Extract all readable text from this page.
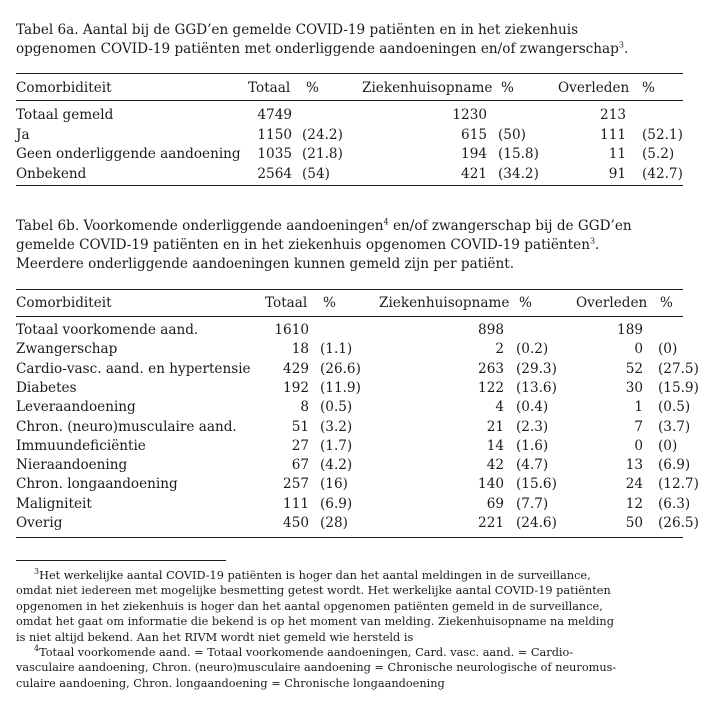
Tabel 6a. Aantal bij de GGD’en gemelde COVID-19 patiënten en in het ziekenhuis

opgenomen COVID-19 patiënten met onderliggende aandoeningen en/of zwangerschap$^3$.

Comorbiditeit	Totaal %	Ziekenhuisopname %	Overleden %
Totaal gemeld	4749	1230	213
Ja	1150 (24.2)	615 (50)	111 (52.1)
Geen onderliggende aandoening 1035 (21.8)	194 (15.8)	11 (5.2)
Onbekend	2564 (54)	421 (34.2)	91 (42.7)

Tabel 6b. Voorkomende onderliggende aandoeningen$^4$ en/of zwangerschap bij de GGD’en

gemelde COVID-19 patiënten en in het ziekenhuis opgenomen COVID-19 patiënten$^3$.

Meerdere onderliggende aandoeningen kunnen gemeld zijn per patiënt.

Comorbiditeit	Totaal %	Ziekenhuisopname %	Overleden %
Totaal voorkomende aand.	1610	898	189
Zwangerschap	18 (1.1)	2 (0.2)	0 (0)
Cardio-vasc. aand. en hypertensie 429 (26.6)	263 (29.3)	52 (27.5)
Diabetes	192 (11.9)	122 (13.6)	30 (15.9)
Leveraandoening	8 (0.5)	4 (0.4)	1 (0.5)
Chron. (neuro)musculaire aand.	51 (3.2)	21 (2.3)	7 (3.7)
Immuundeficiëntie	27 (1.7)	14 (1.6)	0 (0)
Nieraandoening	67 (4.2)	42 (4.7)	13 (6.9)
Chron. longaandoening	257 (16)	140 (15.6)	24 (12.7)
Maligniteit	111 (6.9)	69 (7.7)	12 (6.3)
Overig	450 (28)	221 (24.6)	50 (26.5)

$^3$Het werkelijke aantal COVID-19 patiënten is hoger dan het aantal meldingen in de surveillance,

omdat niet iedereen met mogelijke besmetting getest wordt. Het werkelijke aantal COVID-19 patiënten

opgenomen in het ziekenhuis is hoger dan het aantal opgenomen patiënten gemeld in de surveillance,

omdat het gaat om informatie die bekend is op het moment van melding. Ziekenhuisopname na melding

is niet altijd bekend. Aan het RIVM wordt niet gemeld wie hersteld is

$^4$Totaal voorkomende aand. = Totaal voorkomende aandoeningen, Card. vasc. aand. = Cardio-

vasculaire aandoening, Chron. (neuro)musculaire aandoening = Chronische neurologische of neuromus-

culaire aandoening, Chron. longaandoening = Chronische longaandoening
